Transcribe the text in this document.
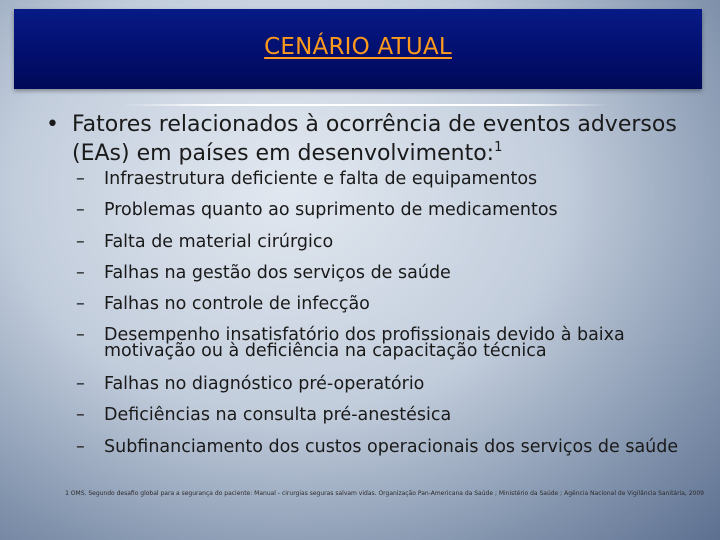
CENÁRIO ATUAL
• Fatores relacionados à ocorrência de eventos adversos (EAs) em países em desenvolvimento:$^1$
– Infraestrutura deficiente e falta de equipamentos
– Problemas quanto ao suprimento de medicamentos
– Falta de material cirúrgico
– Falhas na gestão dos serviços de saúde
– Falhas no controle de infecção
– Desempenho insatisfatório dos profissionais devido à baixa motivação ou à deficiência na capacitação técnica
– Falhas no diagnóstico pré-operatório
– Deficiências na consulta pré-anestésica
– Subfinanciamento dos custos operacionais dos serviços de saúde
1 OMS. Segundo desafio global para a segurança do paciente: Manual - cirurgias seguras salvam vidas. Organização Pan-Americana da Saúde ; Ministério da Saúde ; Agência Nacional de Vigilância Sanitária, 2009
